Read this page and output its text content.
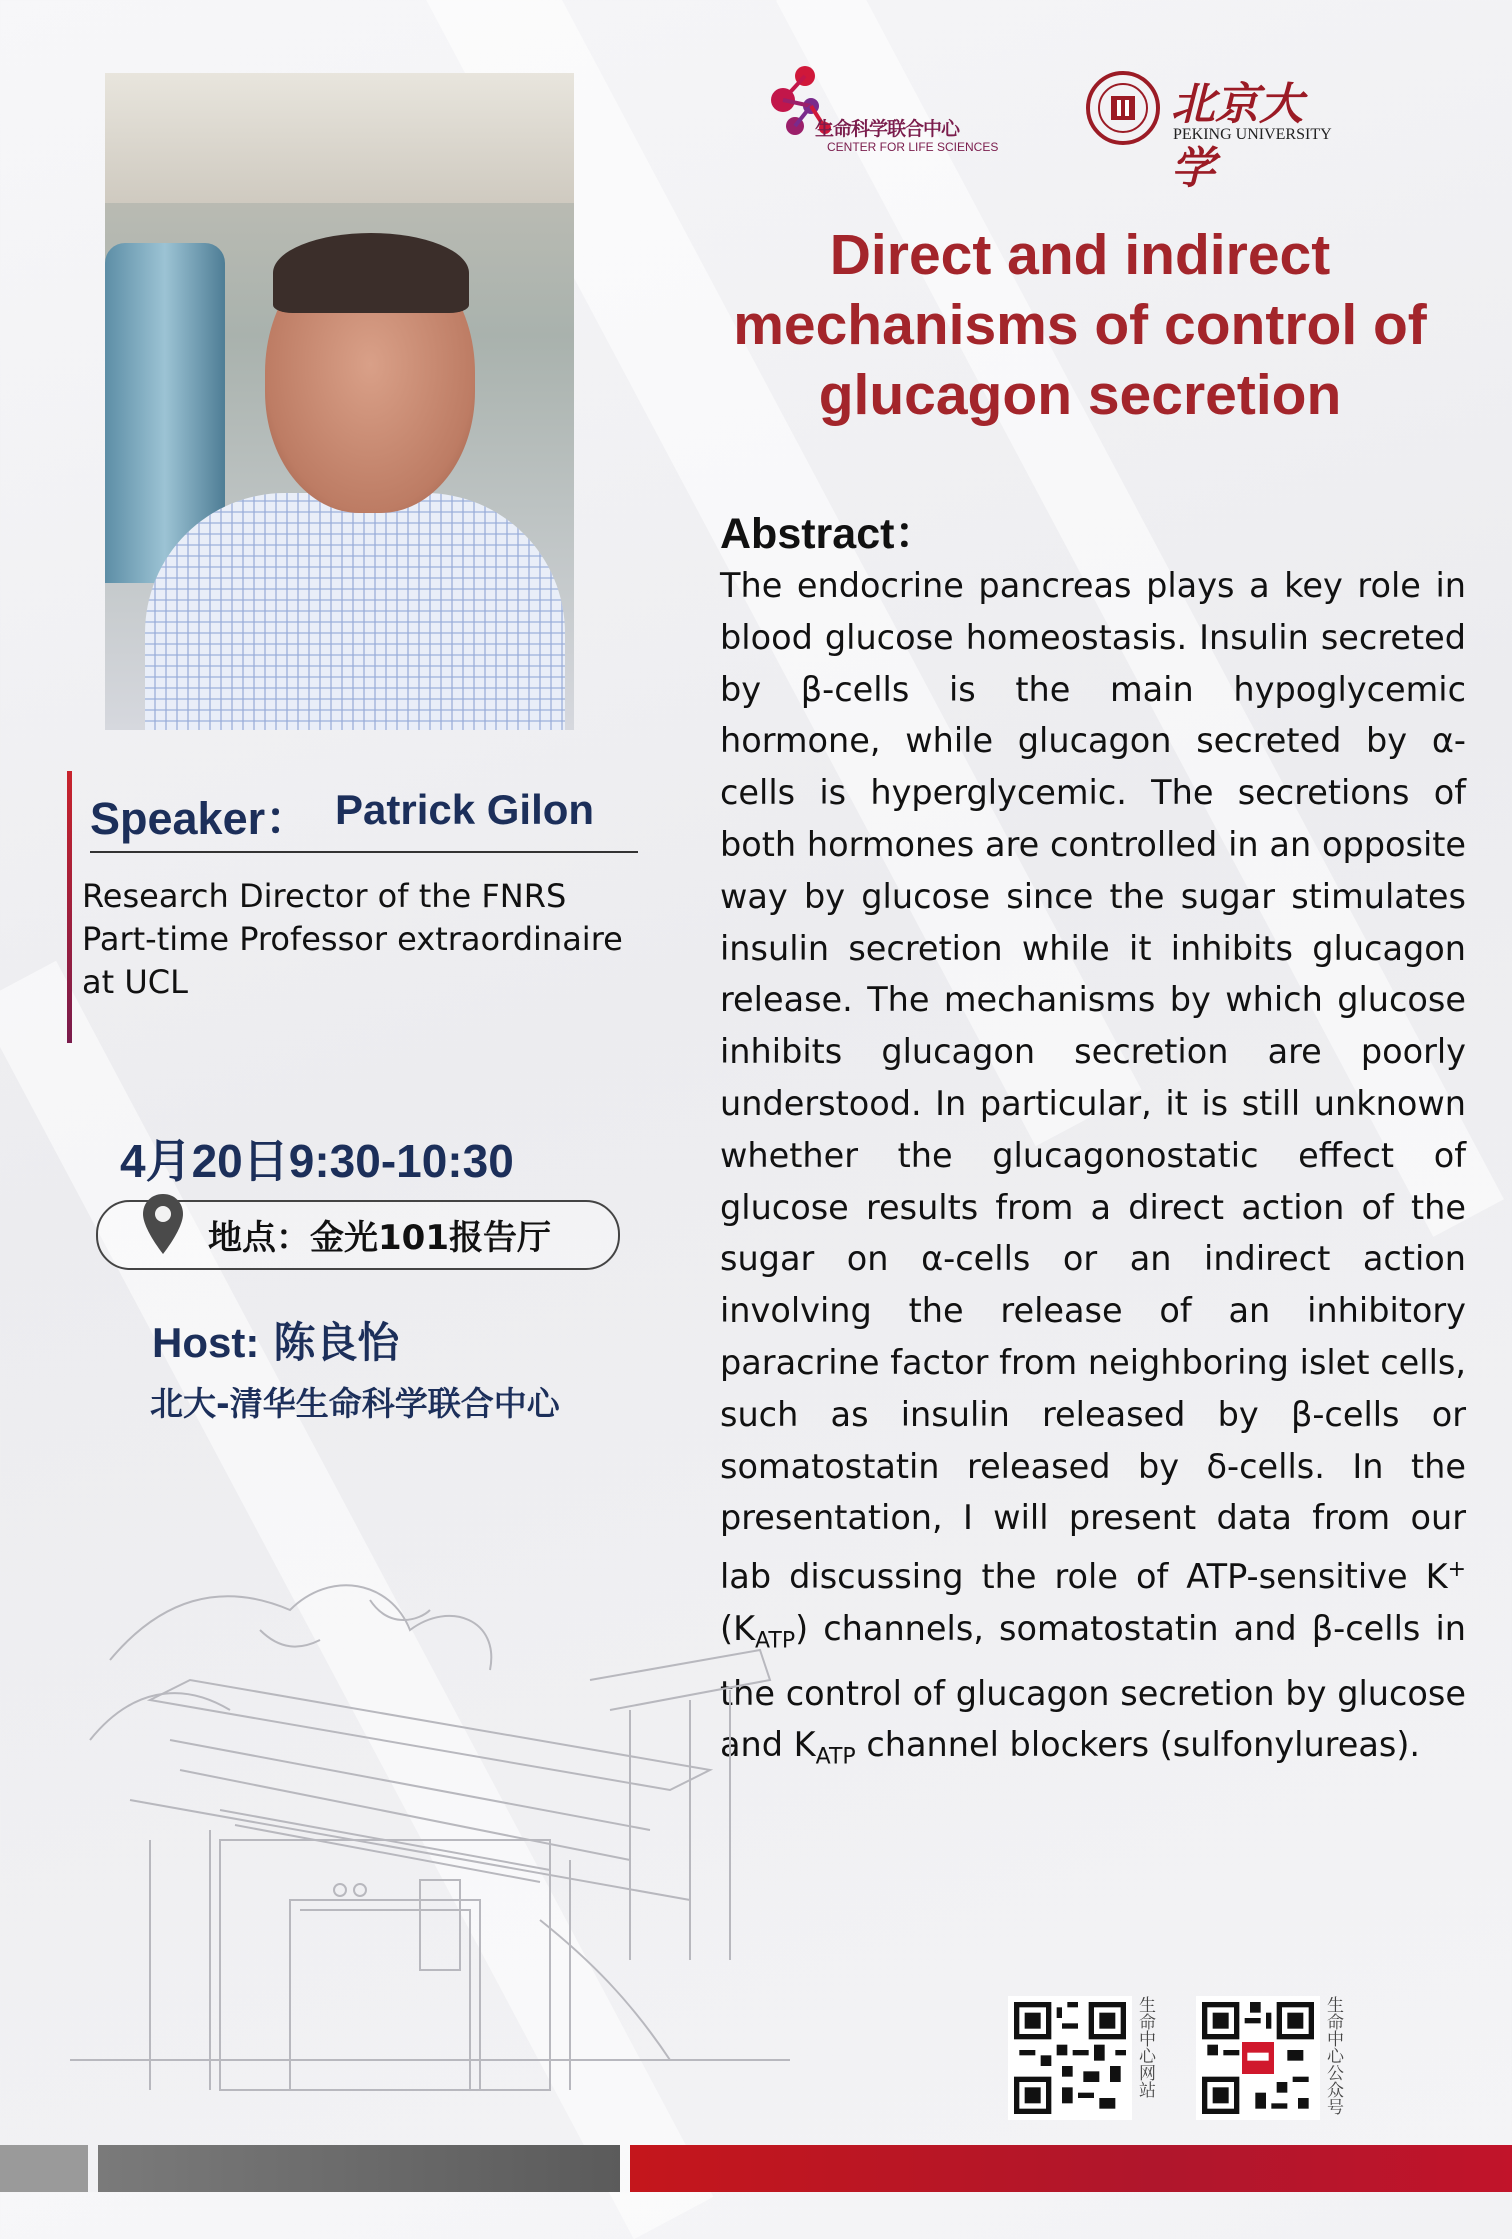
生命科学联合中心
CENTER FOR LIFE SCIENCES
北京大学
PEKING UNIVERSITY
Direct and indirect
mechanisms of control of
glucagon secretion
Abstract：
The endocrine pancreas plays a key role in blood glucose homeostasis. Insulin secreted by β-cells is the main hypoglycemic hormone, while glucagon secreted by α-cells is hyperglycemic. The secretions of both hormones are controlled in an opposite way by glucose since the sugar stimulates insulin secretion while it inhibits glucagon release. The mechanisms by which glucose inhibits glucagon secretion are poorly understood. In particular, it is still unknown whether the glucagonostatic effect of glucose results from a direct action of the sugar on α-cells or an indirect action involving the release of an inhibitory paracrine factor from neighboring islet cells, such as insulin released by β-cells or somatostatin released by δ-cells. In the presentation, I will present data from our lab discussing the role of ATP-sensitive K+ $(K_{ATP})$ channels, somatostatin and β-cells in the control of glucagon secretion by glucose and $K_{ATP}$ channel blockers (sulfonylureas).
Speaker： Patrick Gilon
Research Director of the FNRS
Part-time Professor extraordinaire
at UCL
4月20日9:30-10:30
地点：金光101报告厅
Host: 陈良怡
北大-清华生命科学联合中心
生命中心网站	生命中心公众号
